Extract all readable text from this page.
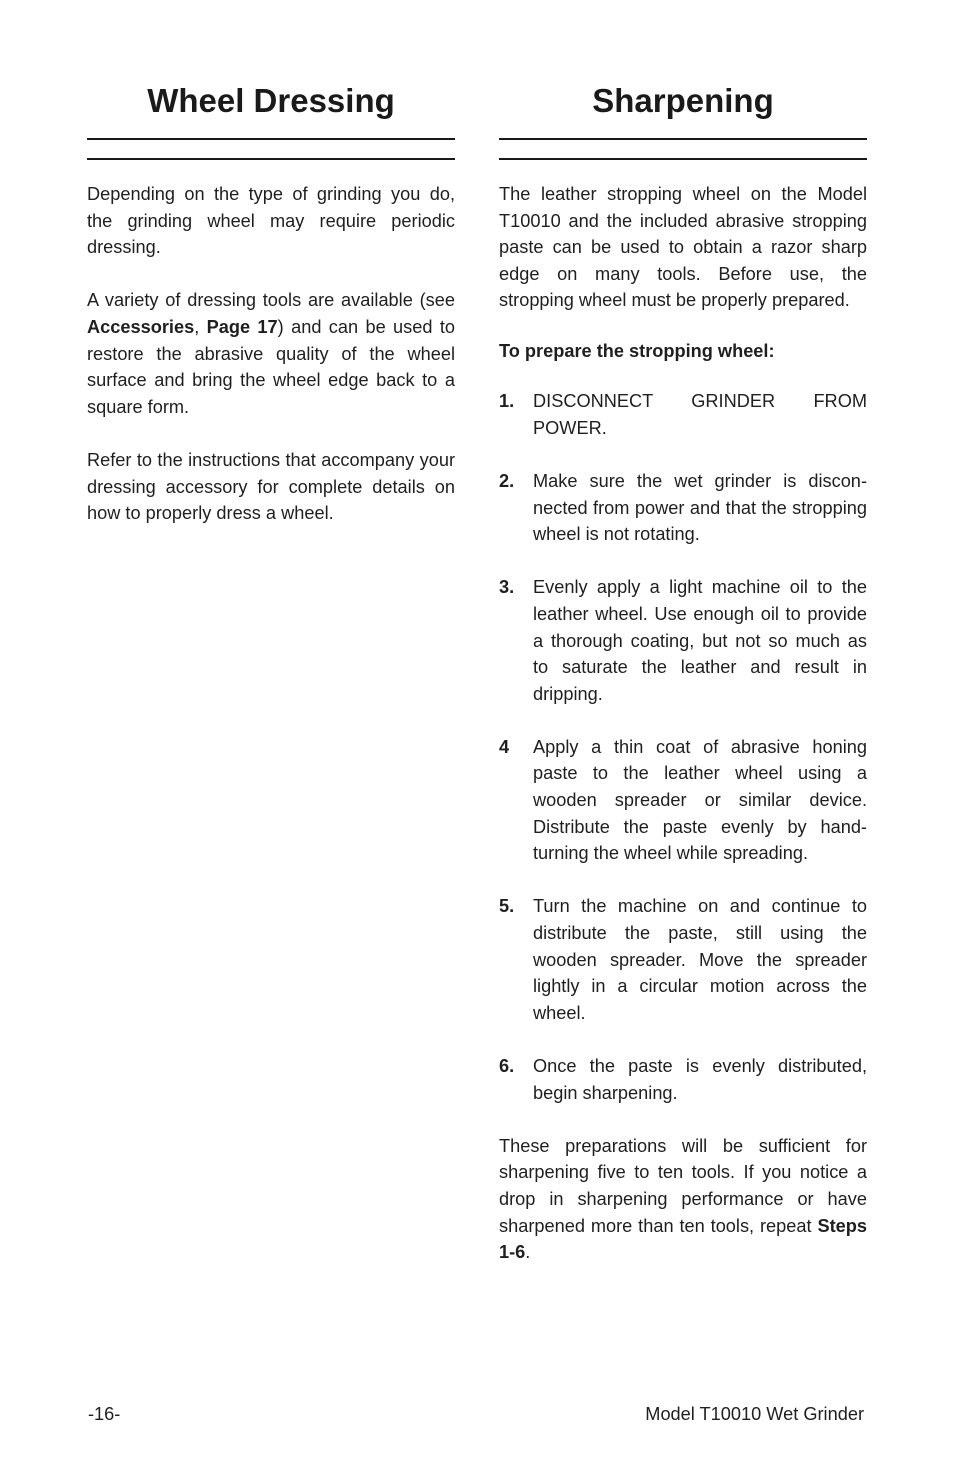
Wheel Dressing

Depending on the type of grinding you do, the grinding wheel may require periodic dressing.

A variety of dressing tools are available (see Accessories, Page 17) and can be used to restore the abrasive quality of the wheel surface and bring the wheel edge back to a square form.

Refer to the instructions that accompany your dressing accessory for complete details on how to properly dress a wheel.

Sharpening

The leather stropping wheel on the Model T10010 and the included abrasive stropping paste can be used to obtain a razor sharp edge on many tools. Before use, the stropping wheel must be properly prepared.

To prepare the stropping wheel:

1.	DISCONNECT GRINDER FROM POWER.
2.	Make sure the wet grinder is disconnected from power and that the stropping wheel is not rotating.
3.	Evenly apply a light machine oil to the leather wheel. Use enough oil to provide a thorough coating, but not so much as to saturate the leather and result in dripping.
4	Apply a thin coat of abrasive honing paste to the leather wheel using a wooden spreader or similar device. Distribute the paste evenly by hand-turning the wheel while spreading.
5.	Turn the machine on and continue to distribute the paste, still using the wooden spreader. Move the spreader lightly in a circular motion across the wheel.
6.	Once the paste is evenly distributed, begin sharpening.

These preparations will be sufficient for sharpening five to ten tools. If you notice a drop in sharpening performance or have sharpened more than ten tools, repeat Steps 1-6.

-16-	Model T10010 Wet Grinder
